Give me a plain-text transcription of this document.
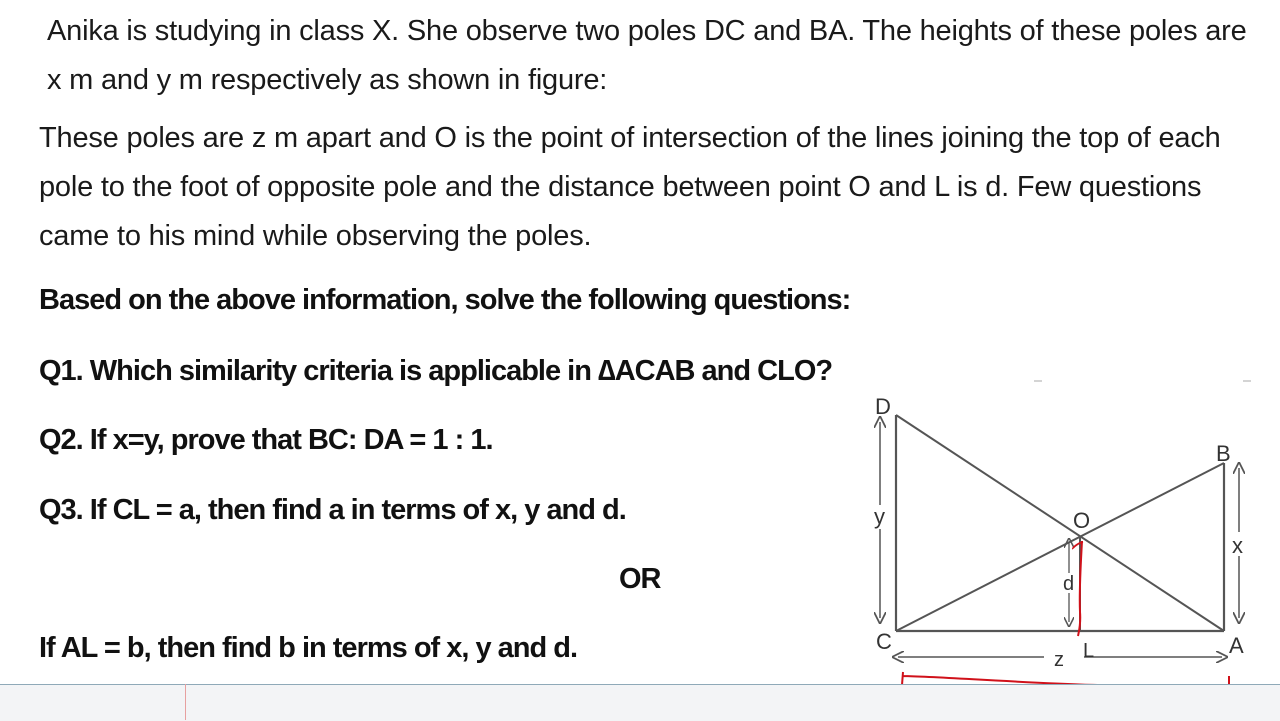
Anika is studying in class X. She observe two poles DC and BA. The heights of these poles are x m and y m respectively as shown in figure:

These poles are z m apart and O is the point of intersection of the lines joining the top of each pole to the foot of opposite pole and the distance between point O and L is d. Few questions came to his mind while observing the poles.

Based on the above information, solve the following questions:
Q1. Which similarity criteria is applicable in ∆ACAB and CLO?
Q2. If x=y, prove that BC: DA = 1 : 1.
Q3. If CL = a, then find a in terms of x, y and d.
OR
If AL = b, then find b in terms of x, y and d.
D
B
O
C	A
L
y
x
z
d
